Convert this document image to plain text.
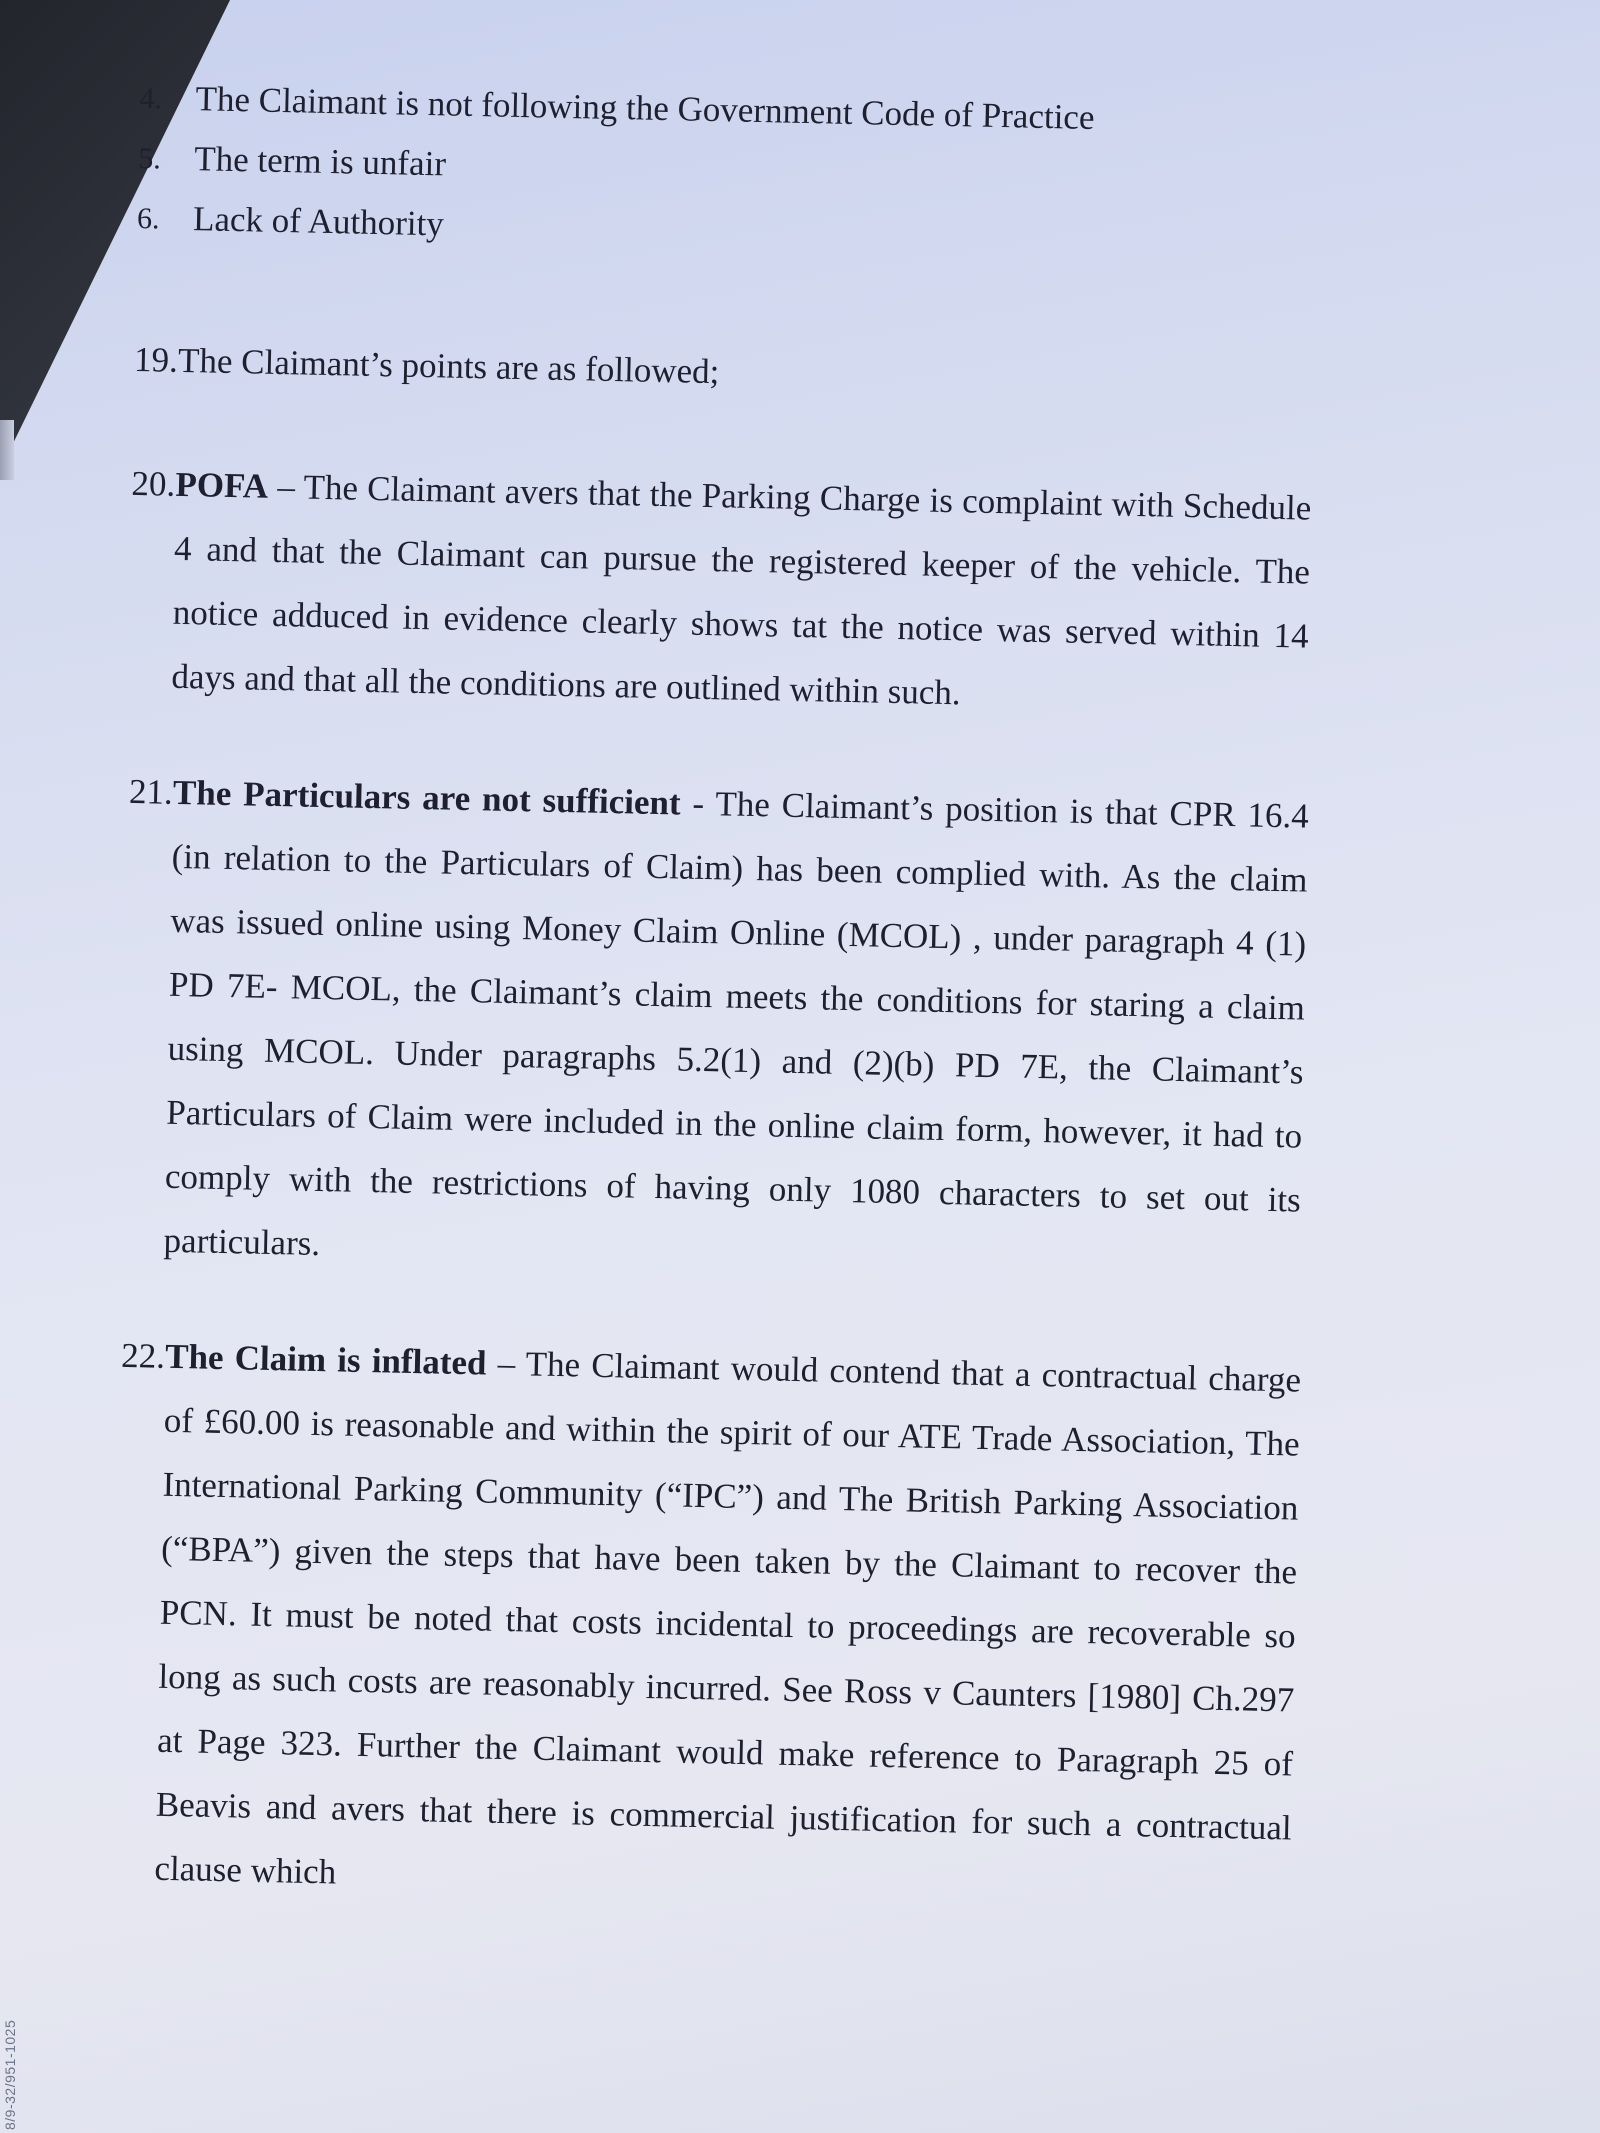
8/9-32/951-1025
4. The Claimant is not following the Government Code of Practice
5. The term is unfair
6. Lack of Authority
19. The Claimant’s points are as followed;
20. POFA – The Claimant avers that the Parking Charge is complaint with Schedule 4 and that the Claimant can pursue the registered keeper of the vehicle. The notice adduced in evidence clearly shows tat the notice was served within 14 days and that all the conditions are outlined within such.
21. The Particulars are not sufficient - The Claimant’s position is that CPR 16.4 (in relation to the Particulars of Claim) has been complied with. As the claim was issued online using Money Claim Online (MCOL) , under paragraph 4 (1) PD 7E- MCOL, the Claimant’s claim meets the conditions for staring a claim using MCOL. Under paragraphs 5.2(1) and (2)(b) PD 7E, the Claimant’s Particulars of Claim were included in the online claim form, however, it had to comply with the restrictions of having only 1080 characters to set out its particulars.
22. The Claim is inflated – The Claimant would contend that a contractual charge of £60.00 is reasonable and within the spirit of our ATE Trade Association, The International Parking Community (“IPC”) and The British Parking Association (“BPA”) given the steps that have been taken by the Claimant to recover the PCN. It must be noted that costs incidental to proceedings are recoverable so long as such costs are reasonably incurred. See Ross v Caunters [1980] Ch.297 at Page 323. Further the Claimant would make reference to Paragraph 25 of Beavis and avers that there is commercial justification for such a contractual clause which
